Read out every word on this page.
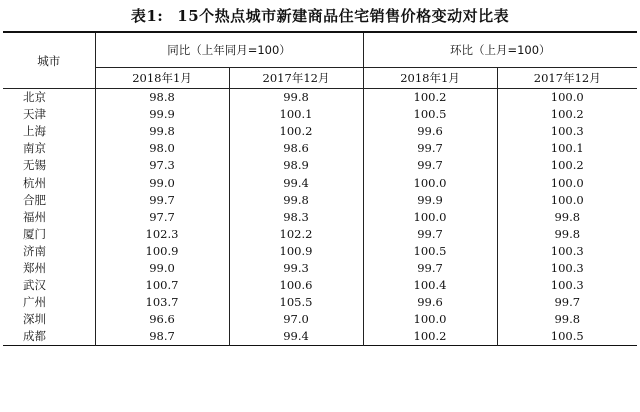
表1: 15个热点城市新建商品住宅销售价格变动对比表
城市	同比（上年同月=100）		环比（上月=100）	
	2018年1月	2017年12月	2018年1月	2017年12月
北京	98.8	99.8	100.2	100.0
天津	99.9	100.1	100.5	100.2
上海	99.8	100.2	99.6	100.3
南京	98.0	98.6	99.7	100.1
无锡	97.3	98.9	99.7	100.2
杭州	99.0	99.4	100.0	100.0
合肥	99.7	99.8	99.9	100.0
福州	97.7	98.3	100.0	99.8
厦门	102.3	102.2	99.7	99.8
济南	100.9	100.9	100.5	100.3
郑州	99.0	99.3	99.7	100.3
武汉	100.7	100.6	100.4	100.3
广州	103.7	105.5	99.6	99.7
深圳	96.6	97.0	100.0	99.8
成都	98.7	99.4	100.2	100.5
